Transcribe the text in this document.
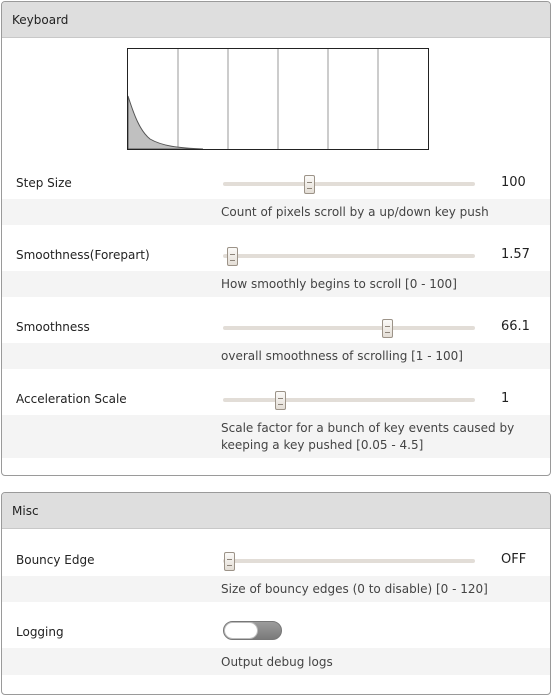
Keyboard
Step Size	100
Count of pixels scroll by a up/down key push
Smoothness(Forepart)	1.57
How smoothly begins to scroll [0 - 100]
Smoothness	66.1
overall smoothness of scrolling [1 - 100]
Acceleration Scale	1
Scale factor for a bunch of key events caused by keeping a key pushed [0.05 - 4.5]
Misc
Bouncy Edge	OFF
Size of bouncy edges (0 to disable) [0 - 120]
Logging
Output debug logs
